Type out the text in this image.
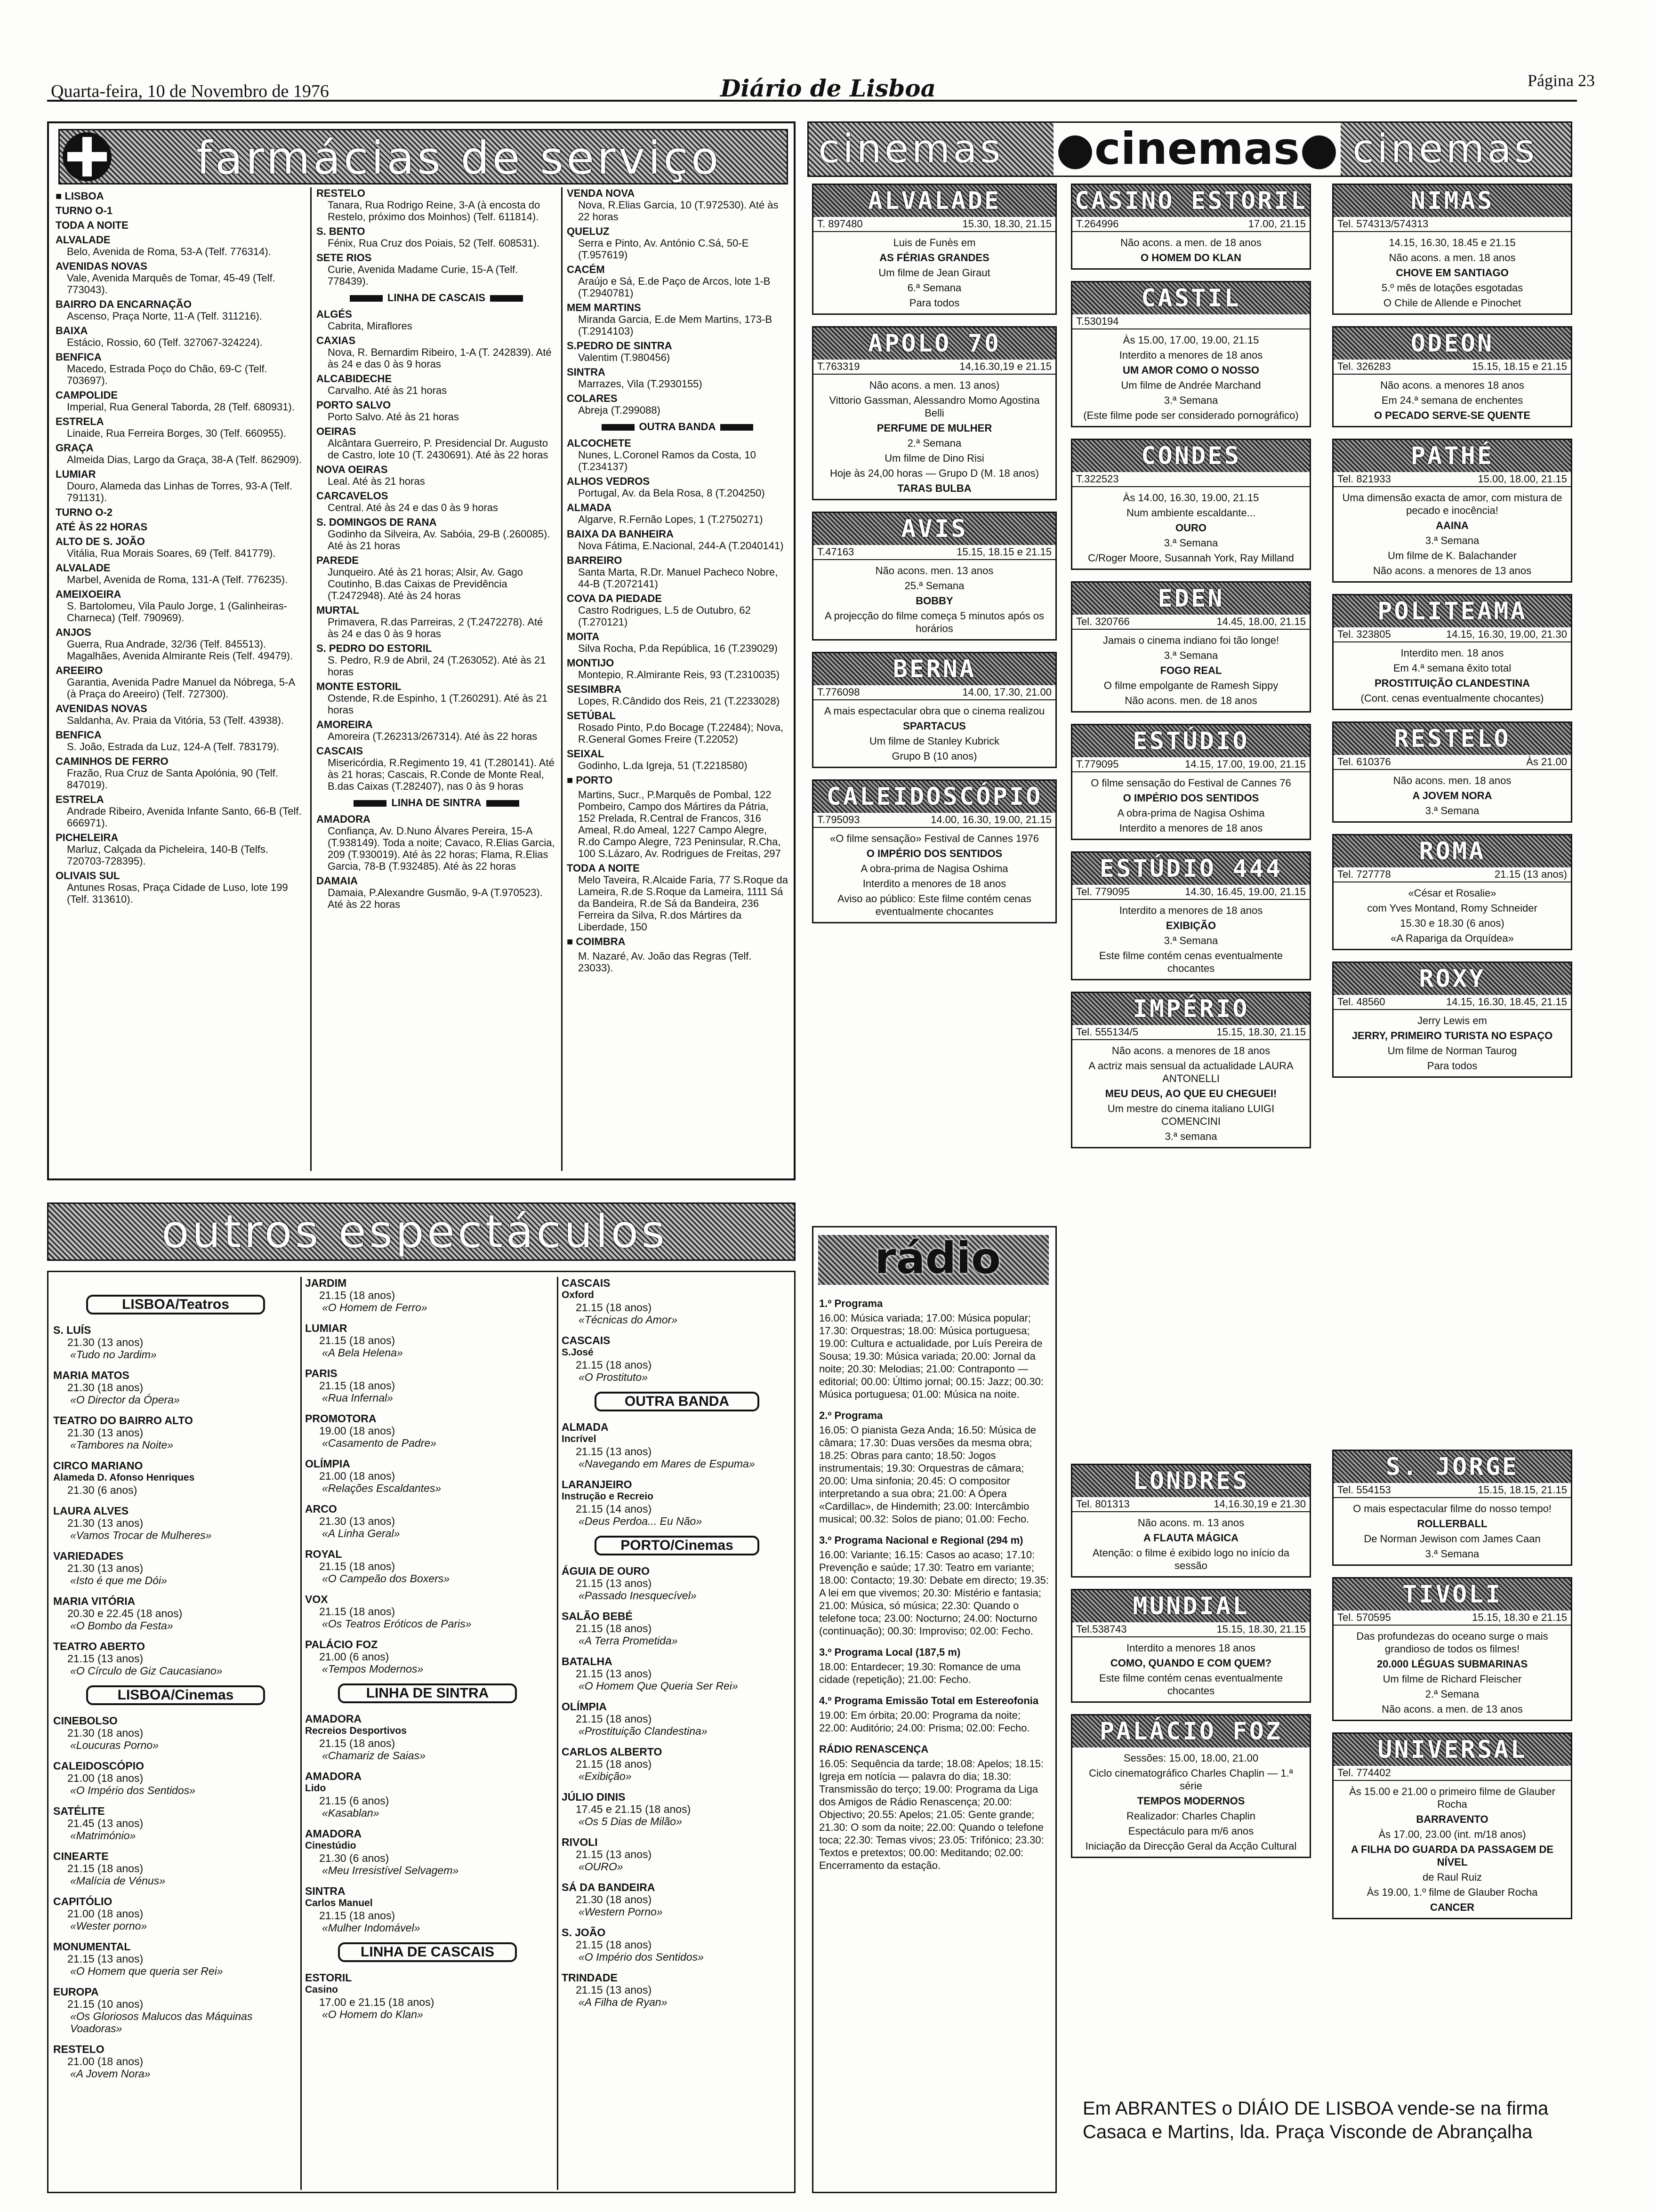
Quarta-feira, 10 de Novembro de 1976	Diário de Lisboa	Página 23
farmácias de serviço
■ LISBOA
TURNO O-1
TODA A NOITE
ALVALADE
Belo, Avenida de Roma, 53-A (Telf. 776314).
AVENIDAS NOVAS
Vale, Avenida Marquês de Tomar, 45-49 (Telf. 773043).
BAIRRO DA ENCARNAÇÃO
Ascenso, Praça Norte, 11-A (Telf. 311216).
BAIXA
Estácio, Rossio, 60 (Telf. 327067-324224).
BENFICA
Macedo, Estrada Poço do Chão, 69-C (Telf. 703697).
CAMPOLIDE
Imperial, Rua General Taborda, 28 (Telf. 680931).
ESTRELA
Linaide, Rua Ferreira Borges, 30 (Telf. 660955).
GRAÇA
Almeida Dias, Largo da Graça, 38-A (Telf. 862909).
LUMIAR
Douro, Alameda das Linhas de Torres, 93-A (Telf. 791131).
TURNO O-2
ATÉ ÀS 22 HORAS
ALTO DE S. JOÃO
Vitália, Rua Morais Soares, 69 (Telf. 841779).
ALVALADE
Marbel, Avenida de Roma, 131-A (Telf. 776235).
AMEIXOEIRA
S. Bartolomeu, Vila Paulo Jorge, 1 (Galinheiras-Charneca) (Telf. 790969).
ANJOS
Guerra, Rua Andrade, 32/36 (Telf. 845513). Magalhães, Avenida Almirante Reis (Telf. 49479).
AREEIRO
Garantia, Avenida Padre Manuel da Nóbrega, 5-A (à Praça do Areeiro) (Telf. 727300).
AVENIDAS NOVAS
Saldanha, Av. Praia da Vitória, 53 (Telf. 43938).
BENFICA
S. João, Estrada da Luz, 124-A (Telf. 783179).
CAMINHOS DE FERRO
Frazão, Rua Cruz de Santa Apolónia, 90 (Telf. 847019).
ESTRELA
Andrade Ribeiro, Avenida Infante Santo, 66-B (Telf. 666971).
PICHELEIRA
Marluz, Calçada da Picheleira, 140-B (Telfs. 720703-728395).
OLIVAIS SUL
Antunes Rosas, Praça Cidade de Luso, lote 199 (Telf. 313610).
RESTELO
Tanara, Rua Rodrigo Reine, 3-A (à encosta do Restelo, próximo dos Moinhos) (Telf. 611814).
S. BENTO
Fénix, Rua Cruz dos Poiais, 52 (Telf. 608531).
SETE RIOS
Curie, Avenida Madame Curie, 15-A (Telf. 778439).
LINHA DE CASCAIS
ALGÉS
Cabrita, Miraflores
CAXIAS
Nova, R. Bernardim Ribeiro, 1-A (T. 242839). Até às 24 e das 0 às 9 horas
ALCABIDECHE
Carvalho. Até às 21 horas
PORTO SALVO
Porto Salvo. Até às 21 horas
OEIRAS
Alcântara Guerreiro, P. Presidencial Dr. Augusto de Castro, lote 10 (T. 2430691). Até às 22 horas
NOVA OEIRAS
Leal. Até às 21 horas
CARCAVELOS
Central. Até às 24 e das 0 às 9 horas
S. DOMINGOS DE RANA
Godinho da Silveira, Av. Sabóia, 29-B (.260085). Até às 21 horas
PAREDE
Junqueiro. Até às 21 horas; Alsir, Av. Gago Coutinho, B.das Caixas de Previdência (T.2472948). Até às 24 horas
MURTAL
Primavera, R.das Parreiras, 2 (T.2472278). Até às 24 e das 0 às 9 horas
S. PEDRO DO ESTORIL
S. Pedro, R.9 de Abril, 24 (T.263052). Até às 21 horas
MONTE ESTORIL
Ostende, R.de Espinho, 1 (T.260291). Até às 21 horas
AMOREIRA
Amoreira (T.262313/267314). Até às 22 horas
CASCAIS
Misericórdia, R.Regimento 19, 41 (T.280141). Até às 21 horas; Cascais, R.Conde de Monte Real, B.das Caixas (T.282407), nas 0 às 9 horas
LINHA DE SINTRA
AMADORA
Confiança, Av. D.Nuno Álvares Pereira, 15-A (T.938149). Toda a noite; Cavaco, R.Elias Garcia, 209 (T.930019). Até às 22 horas; Flama, R.Elias Garcia, 78-B (T.932485). Até às 22 horas
DAMAIA
Damaia, P.Alexandre Gusmão, 9-A (T.970523). Até às 22 horas
VENDA NOVA
Nova, R.Elias Garcia, 10 (T.972530). Até às 22 horas
QUELUZ
Serra e Pinto, Av. António C.Sá, 50-E (T.957619)
CACÉM
Araújo e Sá, E.de Paço de Arcos, lote 1-B (T.2940781)
MEM MARTINS
Miranda Garcia, E.de Mem Martins, 173-B (T.2914103)
S.PEDRO DE SINTRA
Valentim (T.980456)
SINTRA
Marrazes, Vila (T.2930155)
COLARES
Abreja (T.299088)
OUTRA BANDA
ALCOCHETE
Nunes, L.Coronel Ramos da Costa, 10 (T.234137)
ALHOS VEDROS
Portugal, Av. da Bela Rosa, 8 (T.204250)
ALMADA
Algarve, R.Fernão Lopes, 1 (T.2750271)
BAIXA DA BANHEIRA
Nova Fátima, E.Nacional, 244-A (T.2040141)
BARREIRO
Santa Marta, R.Dr. Manuel Pacheco Nobre, 44-B (T.2072141)
COVA DA PIEDADE
Castro Rodrigues, L.5 de Outubro, 62 (T.270121)
MOITA
Silva Rocha, P.da República, 16 (T.239029)
MONTIJO
Montepio, R.Almirante Reis, 93 (T.2310035)
SESIMBRA
Lopes, R.Cândido dos Reis, 21 (T.2233028)
SETÚBAL
Rosado Pinto, P.do Bocage (T.22484); Nova, R.General Gomes Freire (T.22052)
SEIXAL
Godinho, L.da Igreja, 51 (T.2218580)
■ PORTO
Martins, Sucr., P.Marquês de Pombal, 122 Pombeiro, Campo dos Mártires da Pátria, 152 Prelada, R.Central de Francos, 316 Ameal, R.do Ameal, 1227 Campo Alegre, R.do Campo Alegre, 723 Peninsular, R.Cha, 100 S.Lázaro, Av. Rodrigues de Freitas, 297
TODA A NOITE
Melo Taveira, R.Alcaide Faria, 77 S.Roque da Lameira, R.de S.Roque da Lameira, 1111 Sá da Bandeira, R.de Sá da Bandeira, 236 Ferreira da Silva, R.dos Mártires da Liberdade, 150
■ COIMBRA
M. Nazaré, Av. João das Regras (Telf. 23033).
cinemas ●cinemas● cinemas
ALVALADE
T. 897480	15.30, 18.30, 21.15
Luis de Funès em
AS FÉRIAS GRANDES
Um filme de Jean Giraut
6.ª Semana
Para todos
APOLO 70
T.763319	14,16.30,19 e 21.15
Não acons. a men. 13 anos)
Vittorio Gassman, Alessandro Momo Agostina Belli
PERFUME DE MULHER
2.ª Semana
Um filme de Dino Risi
Hoje às 24,00 horas — Grupo D (M. 18 anos)
TARAS BULBA
AVIS
T.47163	15.15, 18.15 e 21.15
Não acons. men. 13 anos
25.ª Semana
BOBBY
A projecção do filme começa 5 minutos após os horários
BERNA
T.776098	14.00, 17.30, 21.00
A mais espectacular obra que o cinema realizou
SPARTACUS
Um filme de Stanley Kubrick
Grupo B (10 anos)
CALEIDOSCÓPIO
T.795093	14.00, 16.30, 19.00, 21.15
«O filme sensação» Festival de Cannes 1976
O IMPÉRIO DOS SENTIDOS
A obra-prima de Nagisa Oshima
Interdito a menores de 18 anos
Aviso ao público: Este filme contém cenas eventualmente chocantes
CASINO ESTORIL
T.264996	17.00, 21.15
Não acons. a men. de 18 anos
O HOMEM DO KLAN
CASTIL
T.530194
Às 15.00, 17.00, 19.00, 21.15
Interdito a menores de 18 anos
UM AMOR COMO O NOSSO
Um filme de Andrée Marchand
3.ª Semana
(Este filme pode ser considerado pornográfico)
CONDES
T.322523
Às 14.00, 16.30, 19.00, 21.15
Num ambiente escaldante...
OURO
3.ª Semana
C/Roger Moore, Susannah York, Ray Milland
EDEN
Tel. 320766	14.45, 18.00, 21.15
Jamais o cinema indiano foi tão longe!
3.ª Semana
FOGO REAL
O filme empolgante de Ramesh Sippy
Não acons. men. de 18 anos
ESTÚDIO
T.779095	14.15, 17.00, 19.00, 21.15
O filme sensação do Festival de Cannes 76
O IMPÉRIO DOS SENTIDOS
A obra-prima de Nagisa Oshima
Interdito a menores de 18 anos
ESTÚDIO 444
Tel. 779095	14.30, 16.45, 19.00, 21.15
Interdito a menores de 18 anos
EXIBIÇÃO
3.ª Semana
Este filme contém cenas eventualmente chocantes
IMPÉRIO
Tel. 555134/5	15.15, 18.30, 21.15
Não acons. a menores de 18 anos
A actriz mais sensual da actualidade LAURA ANTONELLI
MEU DEUS, AO QUE EU CHEGUEI!
Um mestre do cinema italiano LUIGI COMENCINI
3.ª semana
NIMAS
Tel. 574313/574313
14.15, 16.30, 18.45 e 21.15
Não acons. a men. 18 anos
CHOVE EM SANTIAGO
5.º mês de lotações esgotadas
O Chile de Allende e Pinochet
ODEON
Tel. 326283	15.15, 18.15 e 21.15
Não acons. a menores 18 anos
Em 24.ª semana de enchentes
O PECADO SERVE-SE QUENTE
PATHÉ
Tel. 821933	15.00, 18.00, 21.15
Uma dimensão exacta de amor, com mistura de pecado e inocência!
AAINA
3.ª Semana
Um filme de K. Balachander
Não acons. a menores de 13 anos
POLITEAMA
Tel. 323805	14.15, 16.30, 19.00, 21.30
Interdito men. 18 anos
Em 4.ª semana êxito total
PROSTITUIÇÃO CLANDESTINA
(Cont. cenas eventualmente chocantes)
RESTELO
Tel. 610376	Às 21.00
Não acons. men. 18 anos
A JOVEM NORA
3.ª Semana
ROMA
Tel. 727778	21.15 (13 anos)
«César et Rosalie»
com Yves Montand, Romy Schneider
15.30 e 18.30 (6 anos)
«A Rapariga da Orquídea»
ROXY
Tel. 48560	14.15, 16.30, 18.45, 21.15
Jerry Lewis em
JERRY, PRIMEIRO TURISTA NO ESPAÇO
Um filme de Norman Taurog
Para todos
LONDRES
Tel. 801313	14,16.30,19 e 21.30
Não acons. m. 13 anos
A FLAUTA MÁGICA
Atenção: o filme é exibido logo no início da sessão
MUNDIAL
Tel.538743	15.15, 18.30, 21.15
Interdito a menores 18 anos
COMO, QUANDO E COM QUEM?
Este filme contém cenas eventualmente chocantes
PALÁCIO FOZ
Sessões: 15.00, 18.00, 21.00
Ciclo cinematográfico Charles Chaplin — 1.ª série
TEMPOS MODERNOS
Realizador: Charles Chaplin
Espectáculo para m/6 anos
Iniciação da Direcção Geral da Acção Cultural
S. JORGE
Tel. 554153	15.15, 18.15, 21.15
O mais espectacular filme do nosso tempo!
ROLLERBALL
De Norman Jewison com James Caan
3.ª Semana
TIVOLI
Tel. 570595	15.15, 18.30 e 21.15
Das profundezas do oceano surge o mais grandioso de todos os filmes!
20.000 LÉGUAS SUBMARINAS
Um filme de Richard Fleischer
2.ª Semana
Não acons. a men. de 13 anos
UNIVERSAL
Tel. 774402
Às 15.00 e 21.00 o primeiro filme de Glauber Rocha
BARRAVENTO
Às 17.00, 23.00 (int. m/18 anos)
A FILHA DO GUARDA DA PASSAGEM DE NÍVEL
de Raul Ruiz
Às 19.00, 1.º filme de Glauber Rocha
CANCER
outros espectáculos
LISBOA/Teatros
S. LUÍS
21.30 (13 anos)
«Tudo no Jardim»
MARIA MATOS
21.30 (18 anos)
«O Director da Ópera»
TEATRO DO BAIRRO ALTO
21.30 (13 anos)
«Tambores na Noite»
CIRCO MARIANO
Alameda D. Afonso Henriques
21.30 (6 anos)
LAURA ALVES
21.30 (13 anos)
«Vamos Trocar de Mulheres»
VARIEDADES
21.30 (13 anos)
«Isto é que me Dói»
MARIA VITÓRIA
20.30 e 22.45 (18 anos)
«O Bombo da Festa»
TEATRO ABERTO
21.15 (13 anos)
«O Círculo de Giz Caucasiano»
LISBOA/Cinemas
CINEBOLSO
21.30 (18 anos)
«Loucuras Porno»
CALEIDOSCÓPIO
21.00 (18 anos)
«O Império dos Sentidos»
SATÉLITE
21.45 (13 anos)
«Matrimónio»
CINEARTE
21.15 (18 anos)
«Malícia de Vénus»
CAPITÓLIO
21.00 (18 anos)
«Wester porno»
MONUMENTAL
21.15 (13 anos)
«O Homem que queria ser Rei»
EUROPA
21.15 (10 anos)
«Os Gloriosos Malucos das Máquinas Voadoras»
RESTELO
21.00 (18 anos)
«A Jovem Nora»
JARDIM
21.15 (18 anos)
«O Homem de Ferro»
LUMIAR
21.15 (18 anos)
«A Bela Helena»
PARIS
21.15 (18 anos)
«Rua Infernal»
PROMOTORA
19.00 (18 anos)
«Casamento de Padre»
OLÍMPIA
21.00 (18 anos)
«Relações Escaldantes»
ARCO
21.30 (13 anos)
«A Linha Geral»
ROYAL
21.15 (18 anos)
«O Campeão dos Boxers»
VOX
21.15 (18 anos)
«Os Teatros Eróticos de Paris»
PALÁCIO FOZ
21.00 (6 anos)
«Tempos Modernos»
LINHA DE SINTRA
AMADORA
Recreios Desportivos
21.15 (18 anos)
«Chamariz de Saias»
AMADORA
Lido
21.15 (6 anos)
«Kasablan»
AMADORA
Cinestúdio
21.30 (6 anos)
«Meu Irresistível Selvagem»
SINTRA
Carlos Manuel
21.15 (18 anos)
«Mulher Indomável»
LINHA DE CASCAIS
ESTORIL
Casino
17.00 e 21.15 (18 anos)
«O Homem do Klan»
CASCAIS
Oxford
21.15 (18 anos)
«Técnicas do Amor»
CASCAIS
S.José
21.15 (18 anos)
«O Prostituto»
OUTRA BANDA
ALMADA
Incrível
21.15 (13 anos)
«Navegando em Mares de Espuma»
LARANJEIRO
Instrução e Recreio
21.15 (14 anos)
«Deus Perdoa... Eu Não»
PORTO/Cinemas
ÁGUIA DE OURO
21.15 (13 anos)
«Passado Inesquecível»
SALÃO BEBÉ
21.15 (18 anos)
«A Terra Prometida»
BATALHA
21.15 (13 anos)
«O Homem Que Queria Ser Rei»
OLÍMPIA
21.15 (18 anos)
«Prostituição Clandestina»
CARLOS ALBERTO
21.15 (18 anos)
«Exibição»
JÚLIO DINIS
17.45 e 21.15 (18 anos)
«Os 5 Dias de Milão»
RIVOLI
21.15 (13 anos)
«OURO»
SÁ DA BANDEIRA
21.30 (18 anos)
«Western Porno»
S. JOÃO
21.15 (18 anos)
«O Império dos Sentidos»
TRINDADE
21.15 (13 anos)
«A Filha de Ryan»
rádio
1.º Programa

16.00: Música variada; 17.00: Música popular; 17.30: Orquestras; 18.00: Música portuguesa; 19.00: Cultura e actualidade, por Luís Pereira de Sousa; 19.30: Música variada; 20.00: Jornal da noite; 20.30: Melodias; 21.00: Contraponto — editorial; 00.00: Último jornal; 00.15: Jazz; 00.30: Música portuguesa; 01.00: Música na noite.

2.º Programa

16.05: O pianista Geza Anda; 16.50: Música de câmara; 17.30: Duas versões da mesma obra; 18.25: Obras para canto; 18.50: Jogos instrumentais; 19.30: Orquestras de câmara; 20.00: Uma sinfonia; 20.45: O compositor interpretando a sua obra; 21.00: A Ópera «Cardillac», de Hindemith; 23.00: Intercâmbio musical; 00.32: Solos de piano; 01.00: Fecho.

3.º Programa Nacional e Regional (294 m)

16.00: Variante; 16.15: Casos ao acaso; 17.10: Prevenção e saúde; 17.30: Teatro em variante; 18.00: Contacto; 19.30: Debate em directo; 19.35: A lei em que vivemos; 20.30: Mistério e fantasia; 21.00: Música, só música; 22.30: Quando o telefone toca; 23.00: Nocturno; 24.00: Nocturno (continuação); 00.30: Improviso; 02.00: Fecho.

3.º Programa Local (187,5 m)

18.00: Entardecer; 19.30: Romance de uma cidade (repetição); 21.00: Fecho.

4.º Programa Emissão Total em Estereofonia

19.00: Em órbita; 20.00: Programa da noite; 22.00: Auditório; 24.00: Prisma; 02.00: Fecho.

RÁDIO RENASCENÇA

16.05: Sequência da tarde; 18.08: Apelos; 18.15: Igreja em notícia — palavra do dia; 18.30: Transmissão do terço; 19.00: Programa da Liga dos Amigos de Rádio Renascença; 20.00: Objectivo; 20.55: Apelos; 21.05: Gente grande; 21.30: O som da noite; 22.00: Quando o telefone toca; 22.30: Temas vivos; 23.05: Trifónico; 23.30: Textos e pretextos; 00.00: Meditando; 02.00: Encerramento da estação.

Em ABRANTES o DIÁIO DE LISBOA vende-se na firma Casaca e Martins, lda. Praça Visconde de Abrançalha
